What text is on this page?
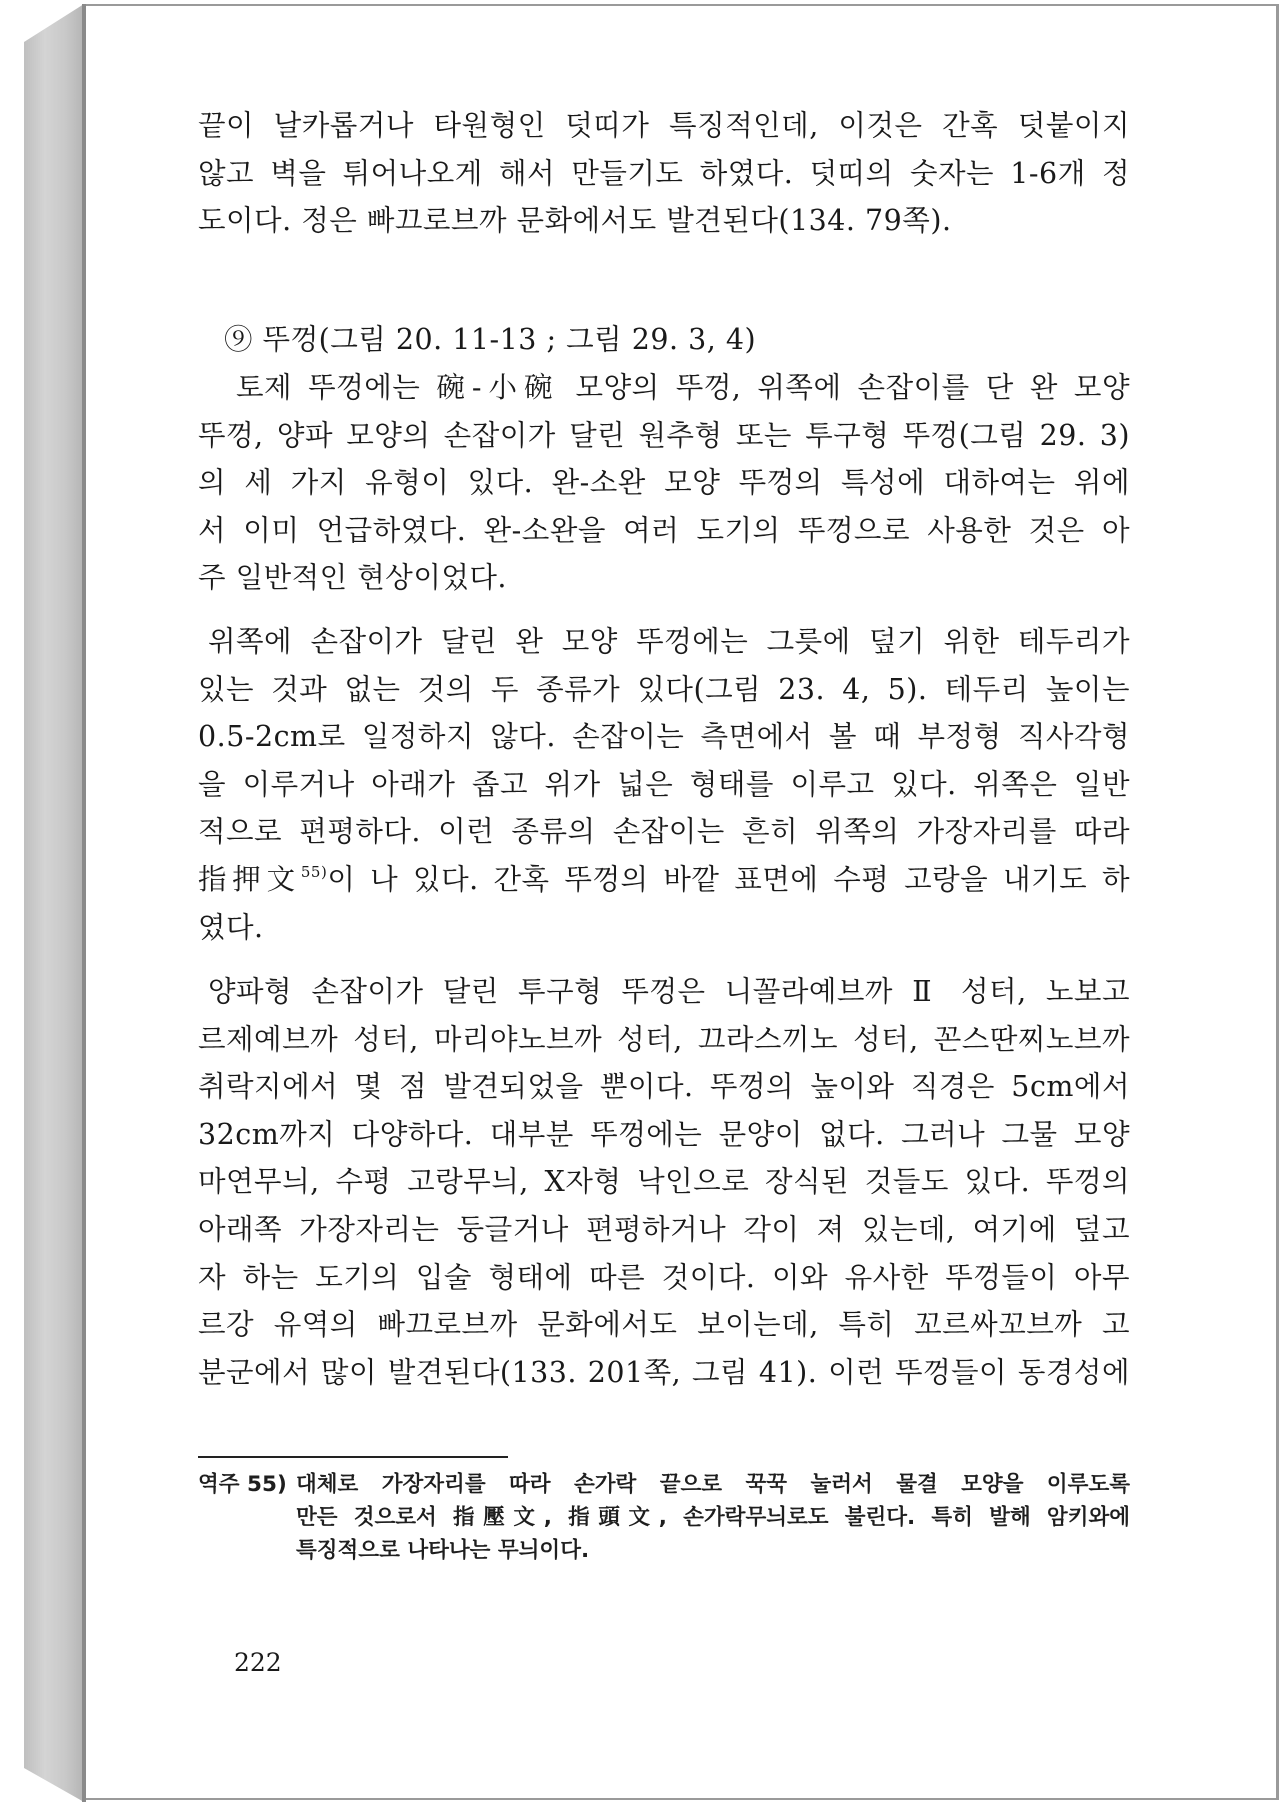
끝이 날카롭거나 타원형인 덧띠가 특징적인데, 이것은 간혹 덧붙이지
않고 벽을 튀어나오게 해서 만들기도 하였다. 덧띠의 숫자는 1-6개 정
도이다. 정은 빠끄로브까 문화에서도 발견된다(134. 79쪽).
⑨ 뚜껑(그림 20. 11-13 ; 그림 29. 3, 4)
토제 뚜껑에는 碗-小碗 모양의 뚜껑, 위쪽에 손잡이를 단 완 모양
뚜껑, 양파 모양의 손잡이가 달린 원추형 또는 투구형 뚜껑(그림 29. 3)
의 세 가지 유형이 있다. 완-소완 모양 뚜껑의 특성에 대하여는 위에
서 이미 언급하였다. 완-소완을 여러 도기의 뚜껑으로 사용한 것은 아
주 일반적인 현상이었다.
위쪽에 손잡이가 달린 완 모양 뚜껑에는 그릇에 덮기 위한 테두리가
있는 것과 없는 것의 두 종류가 있다(그림 23. 4, 5). 테두리 높이는
0.5-2cm로 일정하지 않다. 손잡이는 측면에서 볼 때 부정형 직사각형
을 이루거나 아래가 좁고 위가 넓은 형태를 이루고 있다. 위쪽은 일반
적으로 편평하다. 이런 종류의 손잡이는 흔히 위쪽의 가장자리를 따라
指押文$^{55)}$이 나 있다. 간혹 뚜껑의 바깥 표면에 수평 고랑을 내기도 하
였다.
양파형 손잡이가 달린 투구형 뚜껑은 니꼴라예브까 Ⅱ 성터, 노보고
르제예브까 성터, 마리야노브까 성터, 끄라스끼노 성터, 꼰스딴찌노브까
취락지에서 몇 점 발견되었을 뿐이다. 뚜껑의 높이와 직경은 5cm에서
32cm까지 다양하다. 대부분 뚜껑에는 문양이 없다. 그러나 그물 모양
마연무늬, 수평 고랑무늬, X자형 낙인으로 장식된 것들도 있다. 뚜껑의
아래쪽 가장자리는 둥글거나 편평하거나 각이 져 있는데, 여기에 덮고
자 하는 도기의 입술 형태에 따른 것이다. 이와 유사한 뚜껑들이 아무
르강 유역의 빠끄로브까 문화에서도 보이는데, 특히 꼬르싸꼬브까 고
분군에서 많이 발견된다(133. 201쪽, 그림 41). 이런 뚜껑들이 동경성에
역주 55) 대체로 가장자리를 따라 손가락 끝으로 꾹꾹 눌러서 물결 모양을 이루도록
만든 것으로서 指壓文, 指頭文, 손가락무늬로도 불린다. 특히 발해 암키와에
특징적으로 나타나는 무늬이다.
222
